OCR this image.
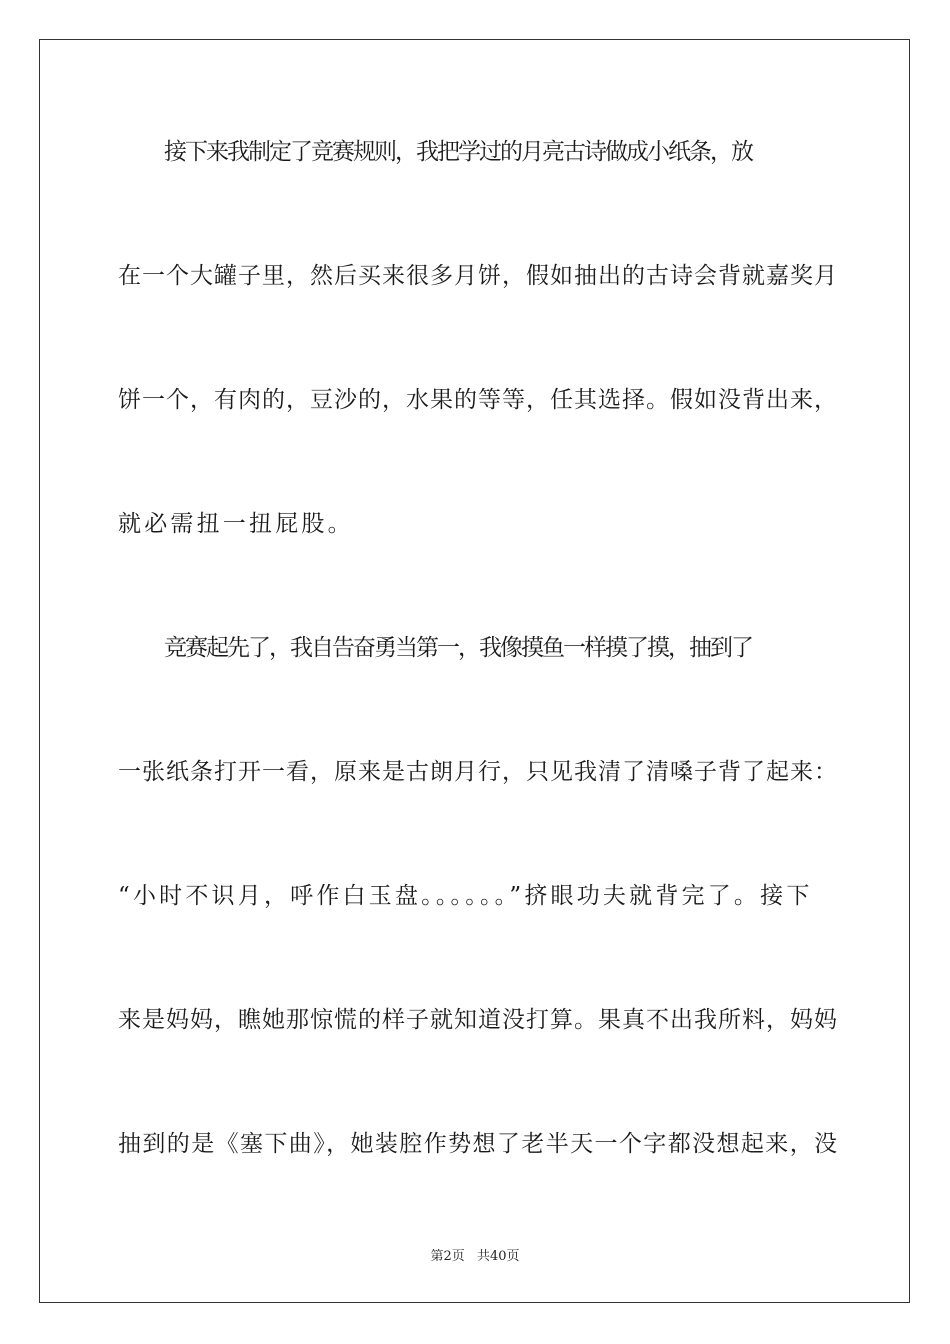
接下来我制定了竞赛规则，我把学过的月亮古诗做成小纸条，放
在一个大罐子里，然后买来很多月饼，假如抽出的古诗会背就嘉奖月
饼一个，有肉的，豆沙的，水果的等等，任其选择。假如没背出来，
就必需扭一扭屁股。
竞赛起先了，我自告奋勇当第一，我像摸鱼一样摸了摸，抽到了
一张纸条打开一看，原来是古朗月行，只见我清了清嗓子背了起来：
“小时不识月，呼作白玉盘。。。。。。”挤眼功夫就背完了。接下
来是妈妈，瞧她那惊慌的样子就知道没打算。果真不出我所料，妈妈
抽到的是《塞下曲》，她装腔作势想了老半天一个字都没想起来，没
第2页 共40页
